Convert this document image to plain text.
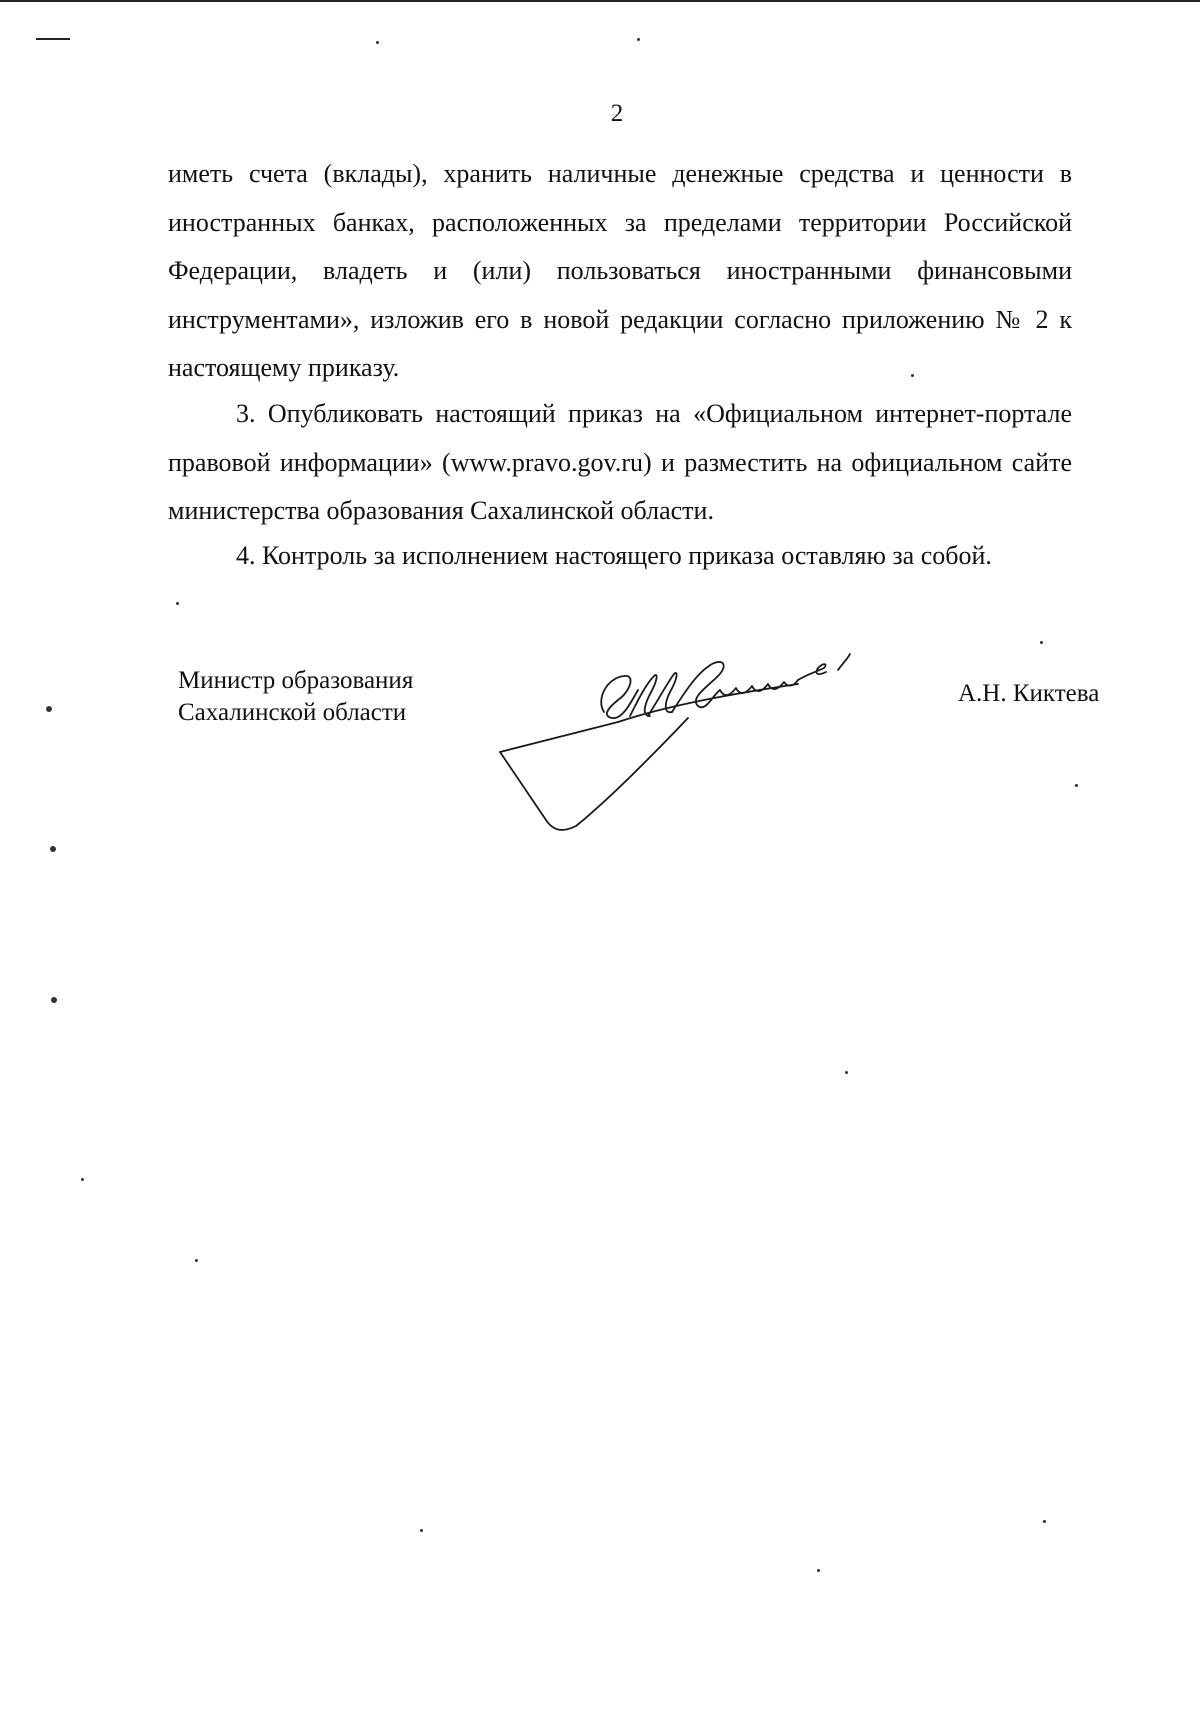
2

иметь счета (вклады), хранить наличные денежные средства и ценности в иностранных банках, расположенных за пределами территории Российской Федерации, владеть и (или) пользоваться иностранными финансовыми инструментами», изложив его в новой редакции согласно приложению № 2 к настоящему приказу.

3. Опубликовать настоящий приказ на «Официальном интернет-портале правовой информации» (www.pravo.gov.ru) и разместить на официальном сайте министерства образования Сахалинской области.

4. Контроль за исполнением настоящего приказа оставляю за собой.

Министр образования
Сахалинской области
А.Н. Киктева
